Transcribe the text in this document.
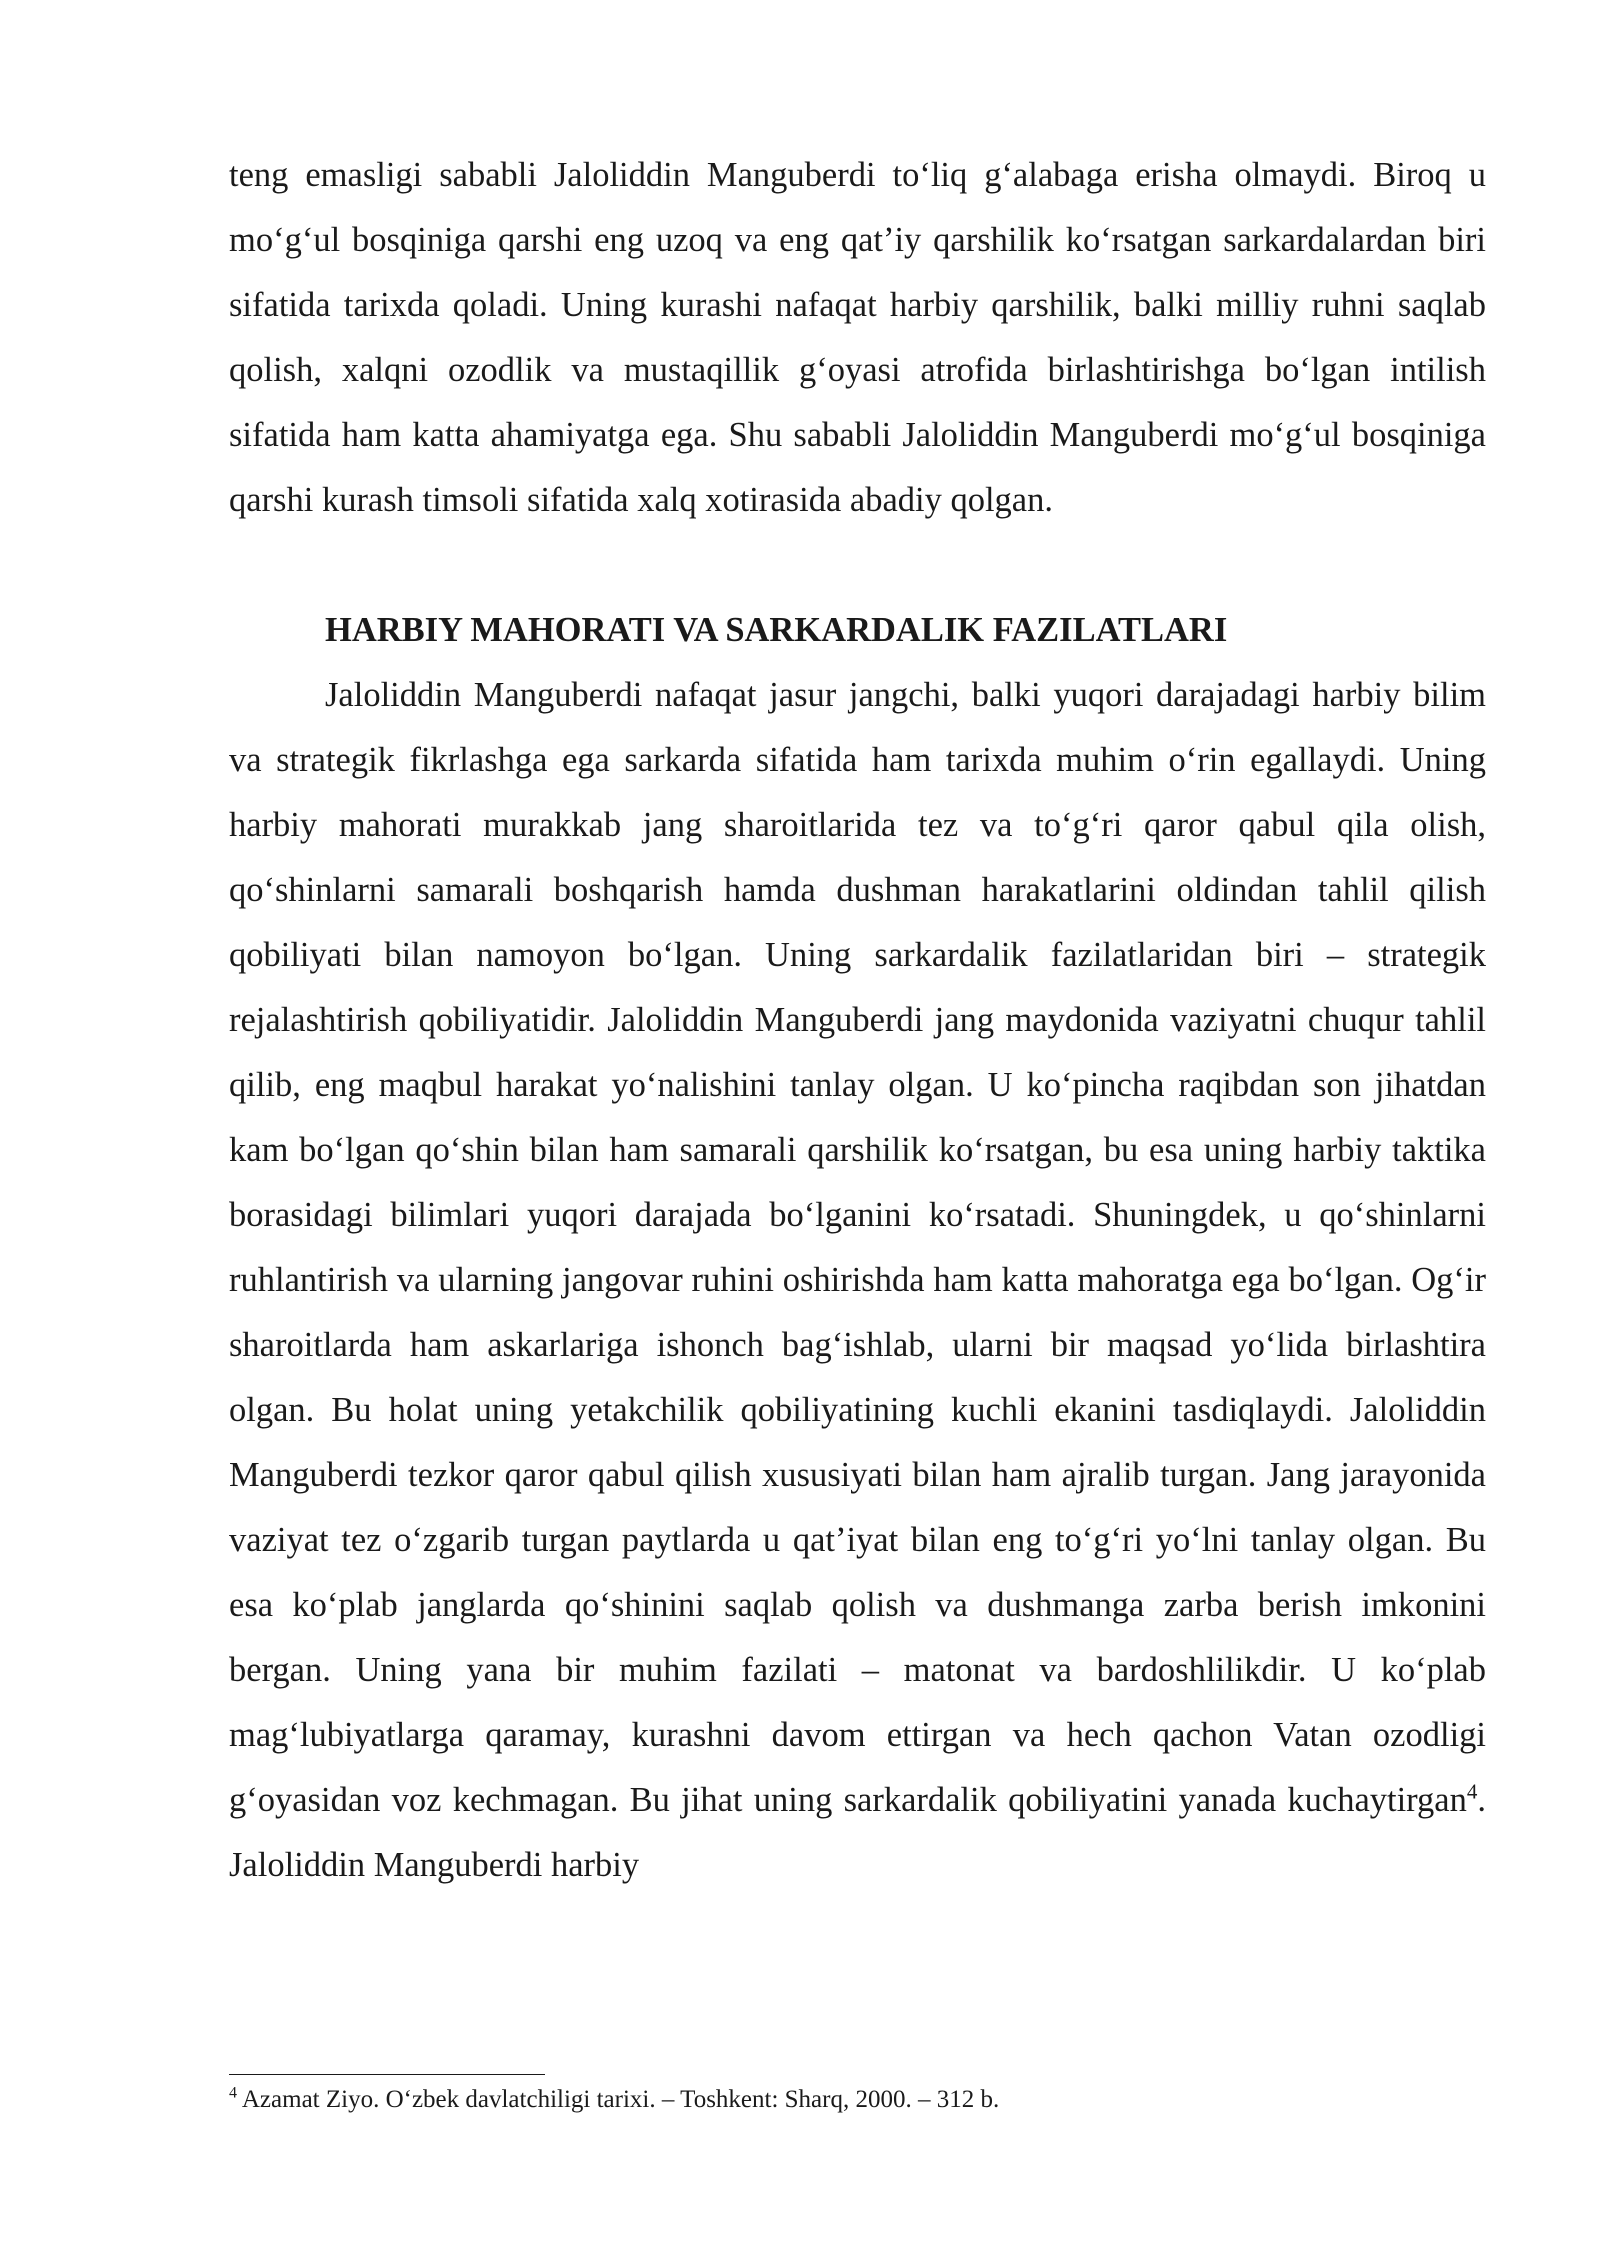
teng emasligi sababli Jaloliddin Manguberdi toʻliq gʻalabaga erisha olmaydi. Biroq u moʻgʻul bosqiniga qarshi eng uzoq va eng qatʼiy qarshilik koʻrsatgan sarkardalardan biri sifatida tarixda qoladi. Uning kurashi nafaqat harbiy qarshilik, balki milliy ruhni saqlab qolish, xalqni ozodlik va mustaqillik gʻoyasi atrofida birlashtirishga boʻlgan intilish sifatida ham katta ahamiyatga ega. Shu sababli Jaloliddin Manguberdi moʻgʻul bosqiniga qarshi kurash timsoli sifatida xalq xotirasida abadiy qolgan.

HARBIY MAHORATI VA SARKARDALIK FAZILATLARI

Jaloliddin Manguberdi nafaqat jasur jangchi, balki yuqori darajadagi harbiy bilim va strategik fikrlashga ega sarkarda sifatida ham tarixda muhim oʻrin egallaydi. Uning harbiy mahorati murakkab jang sharoitlarida tez va toʻgʻri qaror qabul qila olish, qoʻshinlarni samarali boshqarish hamda dushman harakatlarini oldindan tahlil qilish qobiliyati bilan namoyon boʻlgan. Uning sarkardalik fazilatlaridan biri – strategik rejalashtirish qobiliyatidir. Jaloliddin Manguberdi jang maydonida vaziyatni chuqur tahlil qilib, eng maqbul harakat yoʻnalishini tanlay olgan. U koʻpincha raqibdan son jihatdan kam boʻlgan qoʻshin bilan ham samarali qarshilik koʻrsatgan, bu esa uning harbiy taktika borasidagi bilimlari yuqori darajada boʻlganini koʻrsatadi. Shuningdek, u qoʻshinlarni ruhlantirish va ularning jangovar ruhini oshirishda ham katta mahoratga ega boʻlgan. Ogʻir sharoitlarda ham askarlariga ishonch bagʻishlab, ularni bir maqsad yoʻlida birlashtira olgan. Bu holat uning yetakchilik qobiliyatining kuchli ekanini tasdiqlaydi. Jaloliddin Manguberdi tezkor qaror qabul qilish xususiyati bilan ham ajralib turgan. Jang jarayonida vaziyat tez oʻzgarib turgan paytlarda u qatʼiyat bilan eng toʻgʻri yoʻlni tanlay olgan. Bu esa koʻplab janglarda qoʻshinini saqlab qolish va dushmanga zarba berish imkonini bergan. Uning yana bir muhim fazilati – matonat va bardoshlilikdir. U koʻplab magʻlubiyatlarga qaramay, kurashni davom ettirgan va hech qachon Vatan ozodligi gʻoyasidan voz kechmagan. Bu jihat uning sarkardalik qobiliyatini yanada kuchaytirgan$^4$. Jaloliddin Manguberdi harbiy

$^4$ Azamat Ziyo. Oʻzbek davlatchiligi tarixi. – Toshkent: Sharq, 2000. – 312 b.
